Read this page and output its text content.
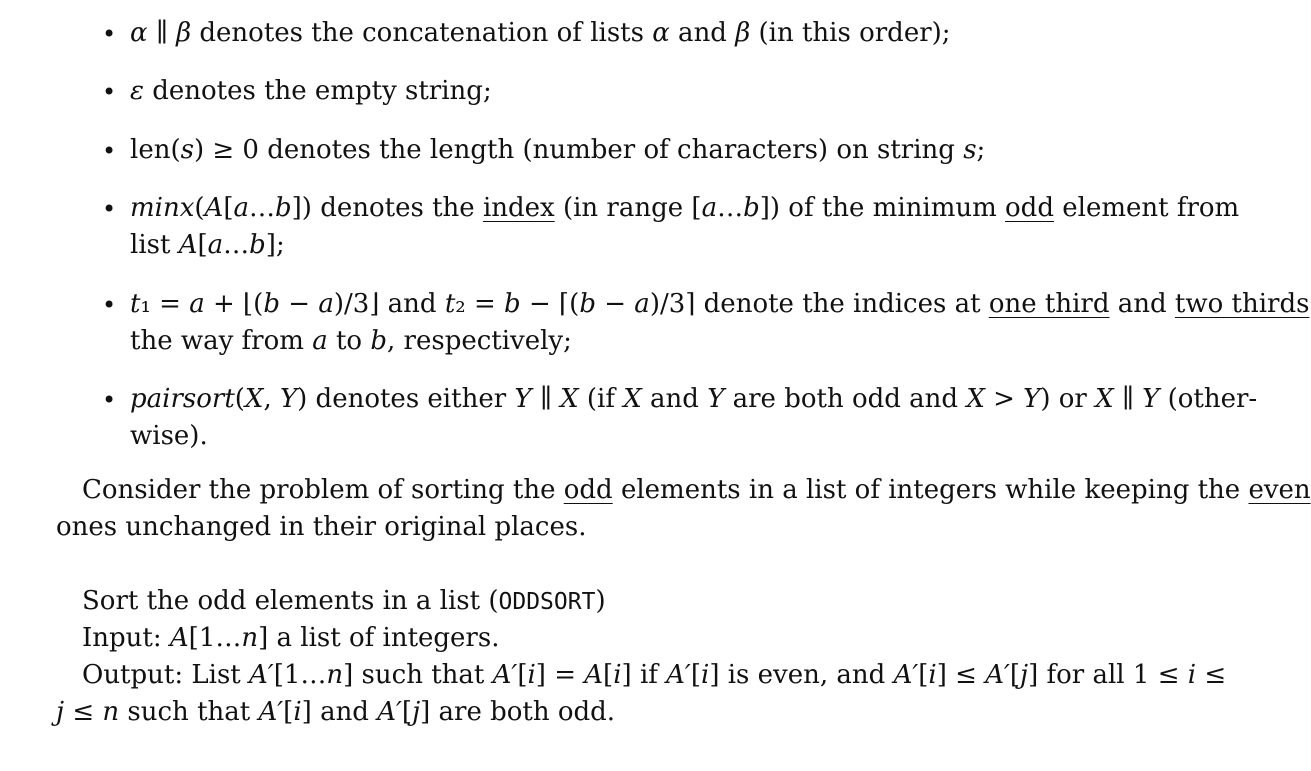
• α ∥ β denotes the concatenation of lists α and β (in this order);
• ε denotes the empty string;
• len(s) ≥ 0 denotes the length (number of characters) on string s;
• minx(A[a…b]) denotes the index (in range [a…b]) of the minimum odd element from
list A[a…b];
• t₁ = a + ⌊(b − a)/3⌋ and t₂ = b − ⌈(b − a)/3⌉ denote the indices at one third and two thirds
the way from a to b, respectively;
• pairsort(X, Y) denotes either Y ∥ X (if X and Y are both odd and X > Y) or X ∥ Y (other-
wise).
Consider the problem of sorting the odd elements in a list of integers while keeping the even
ones unchanged in their original places.
Sort the odd elements in a list (ODDSORT)
Input: A[1…n] a list of integers.
Output: List A′[1…n] such that A′[i] = A[i] if A′[i] is even, and A′[i] ≤ A′[j] for all 1 ≤ i ≤
j ≤ n such that A′[i] and A′[j] are both odd.
